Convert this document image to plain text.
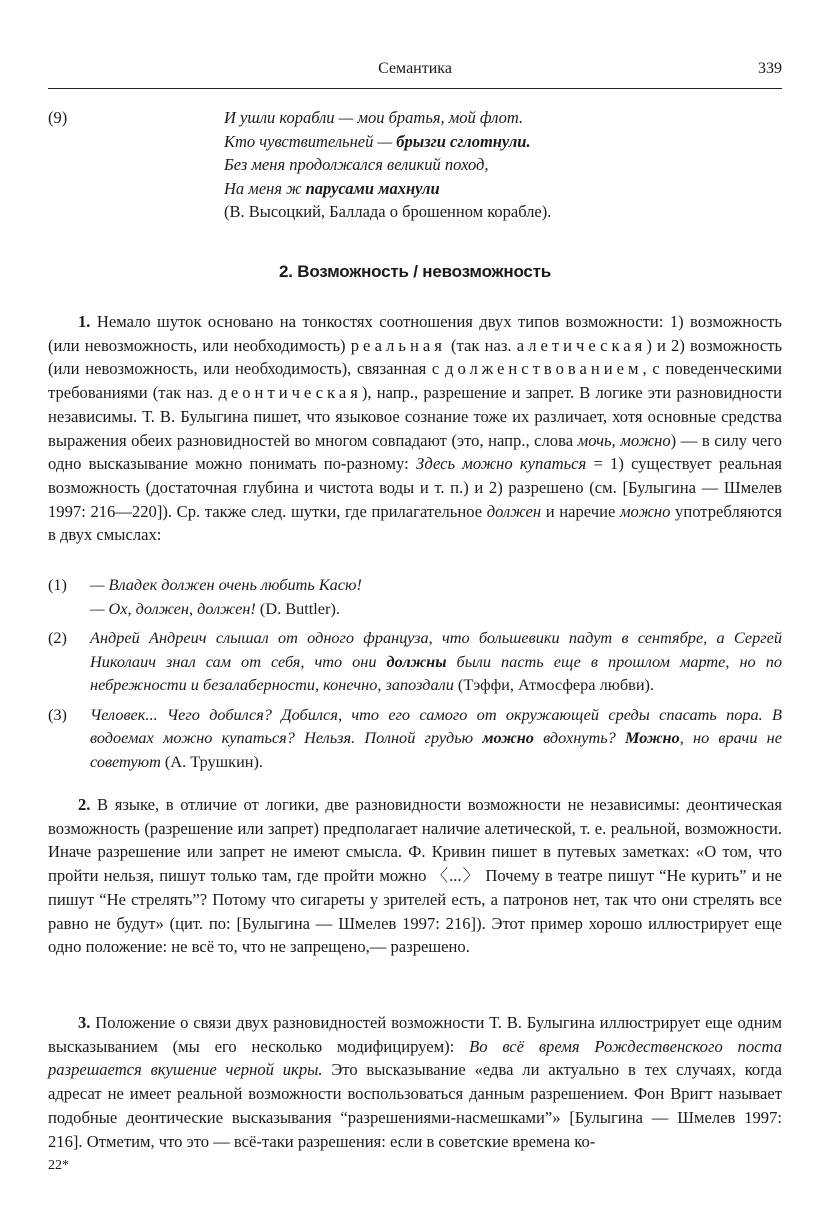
Семантика	339
(9)	И ушли корабли — мои братья, мой флот.
Кто чувствительней — брызги сглотнули.
Без меня продолжался великий поход,
На меня ж парусами махнули
(В. Высоцкий, Баллада о брошенном корабле).
2. Возможность / невозможность

1. Немало шуток основано на тонкостях соотношения двух типов возможности: 1) возможность (или невозможность, или необходимость) реальная (так наз. алетическая) и 2) возможность (или невозможность, или необходимость), связанная с долженствованием, с поведенческими требованиями (так наз. деонтическая), напр., разрешение и запрет. В логике эти разновидности независимы. Т. В. Булыгина пишет, что языковое сознание тоже их различает, хотя основные средства выражения обеих разновидностей во многом совпадают (это, напр., слова мочь, можно) — в силу чего одно высказывание можно понимать по-разному: Здесь можно купаться = 1) существует реальная возможность (достаточная глубина и чистота воды и т. п.) и 2) разрешено (см. [Булыгина — Шмелев 1997: 216—220]). Ср. также след. шутки, где прилагательное должен и наречие можно употребляются в двух смыслах:

(1) — Владек должен очень любить Касю!
— Ох, должен, должен! (D. Buttler).
(2) Андрей Андреич слышал от одного француза, что большевики падут в сентябре, а Сергей Николаич знал сам от себя, что они должны были пасть еще в прошлом марте, но по небрежности и безалаберности, конечно, запоздали (Тэффи, Атмосфера любви).
(3) Человек... Чего добился? Добился, что его самого от окружающей среды спасать пора. В водоемах можно купаться? Нельзя. Полной грудью можно вдохнуть? Можно, но врачи не советуют (А. Трушкин).

2. В языке, в отличие от логики, две разновидности возможности не независимы: деонтическая возможность (разрешение или запрет) предполагает наличие алетической, т. е. реальной, возможности. Иначе разрешение или запрет не имеют смысла. Ф. Кривин пишет в путевых заметках: «О том, что пройти нельзя, пишут только там, где пройти можно 〈...〉 Почему в театре пишут “Не курить” и не пишут “Не стрелять”? Потому что сигареты у зрителей есть, а патронов нет, так что они стрелять все равно не будут» (цит. по: [Булыгина — Шмелев 1997: 216]). Этот пример хорошо иллюстрирует еще одно положение: не всё то, что не запрещено,— разрешено.

3. Положение о связи двух разновидностей возможности Т. В. Булыгина иллюстрирует еще одним высказыванием (мы его несколько модифицируем): Во всё время Рождественского поста разрешается вкушение черной икры. Это высказывание «едва ли актуально в тех случаях, когда адресат не имеет реальной возможности воспользоваться данным разрешением. Фон Вригт называет подобные деонтические высказывания “разрешениями-насмешками”» [Булыгина — Шмелев 1997: 216]. Отметим, что это — всё-таки разрешения: если в советские времена ко-

22*
